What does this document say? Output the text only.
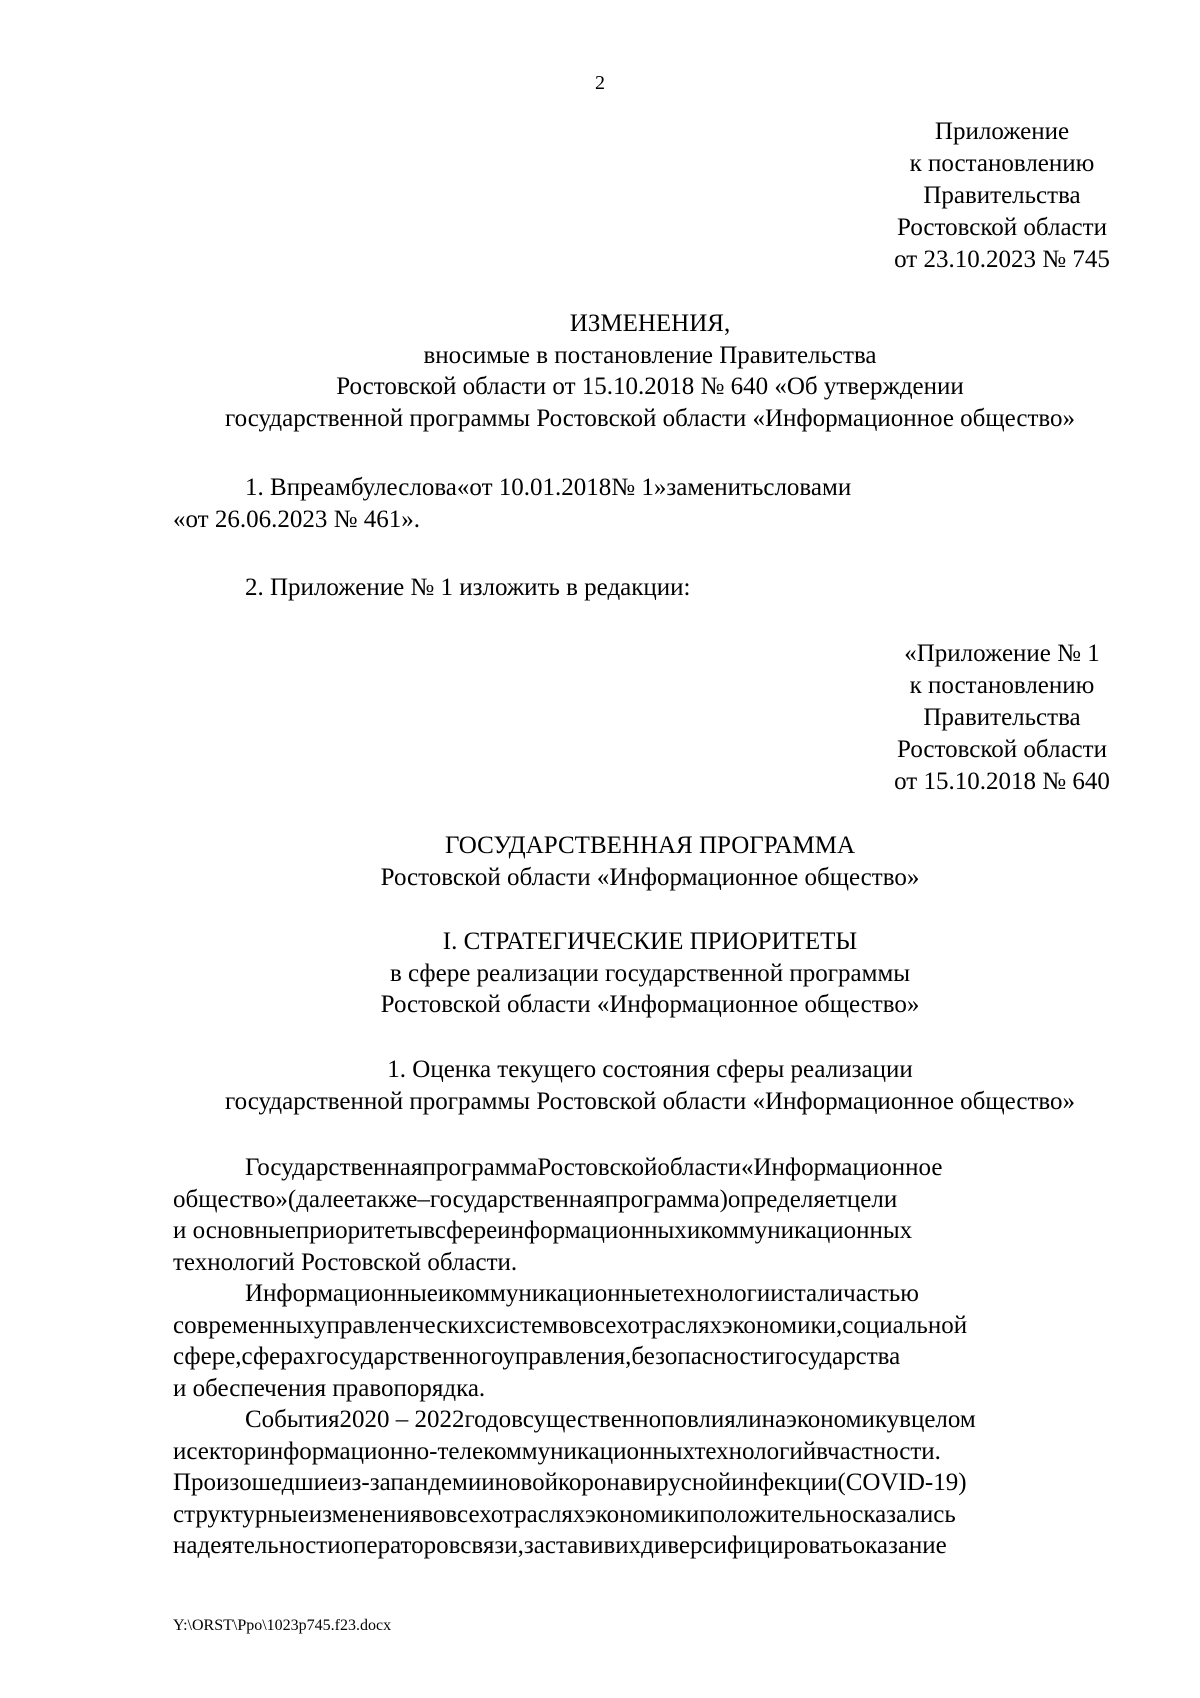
2
Приложение
к постановлению
Правительства
Ростовской области
от 23.10.2023 № 745
ИЗМЕНЕНИЯ,
вносимые в постановление Правительства
Ростовской области от 15.10.2018 № 640 «Об утверждении
государственной программы Ростовской области «Информационное общество»
1. Впреамбулеслова«от 10.01.2018№ 1»заменитьсловами
«от 26.06.2023 № 461».
2. Приложение № 1 изложить в редакции:
«Приложение № 1
к постановлению
Правительства
Ростовской области
от 15.10.2018 № 640
ГОСУДАРСТВЕННАЯ ПРОГРАММА
Ростовской области «Информационное общество»
I. СТРАТЕГИЧЕСКИЕ ПРИОРИТЕТЫ
в сфере реализации государственной программы
Ростовской области «Информационное общество»
1. Оценка текущего состояния сферы реализации
государственной программы Ростовской области «Информационное общество»
ГосударственнаяпрограммаРостовскойобласти«Информационное
общество»(далеетакже–государственнаяпрограмма)определяетцели
и основныеприоритетывсфереинформационныхикоммуникационных
технологий Ростовской области.
Информационныеикоммуникационныетехнологиисталичастью
современныхуправленческихсистемвовсехотрасляхэкономики,социальной
сфере,сферахгосударственногоуправления,безопасностигосударства
и обеспечения правопорядка.
События2020 – 2022годовсущественноповлиялинаэкономикувцелом
исекторинформационно-телекоммуникационныхтехнологийвчастности.
Произошедшиеиз-запандемииновойкоронавируснойинфекции(COVID-19)
структурныеизменениявовсехотрасляхэкономикиположительносказались
надеятельностиоператоровсвязи,заставивихдиверсифицироватьоказание
Y:\ORST\Ppo\1023p745.f23.docx
